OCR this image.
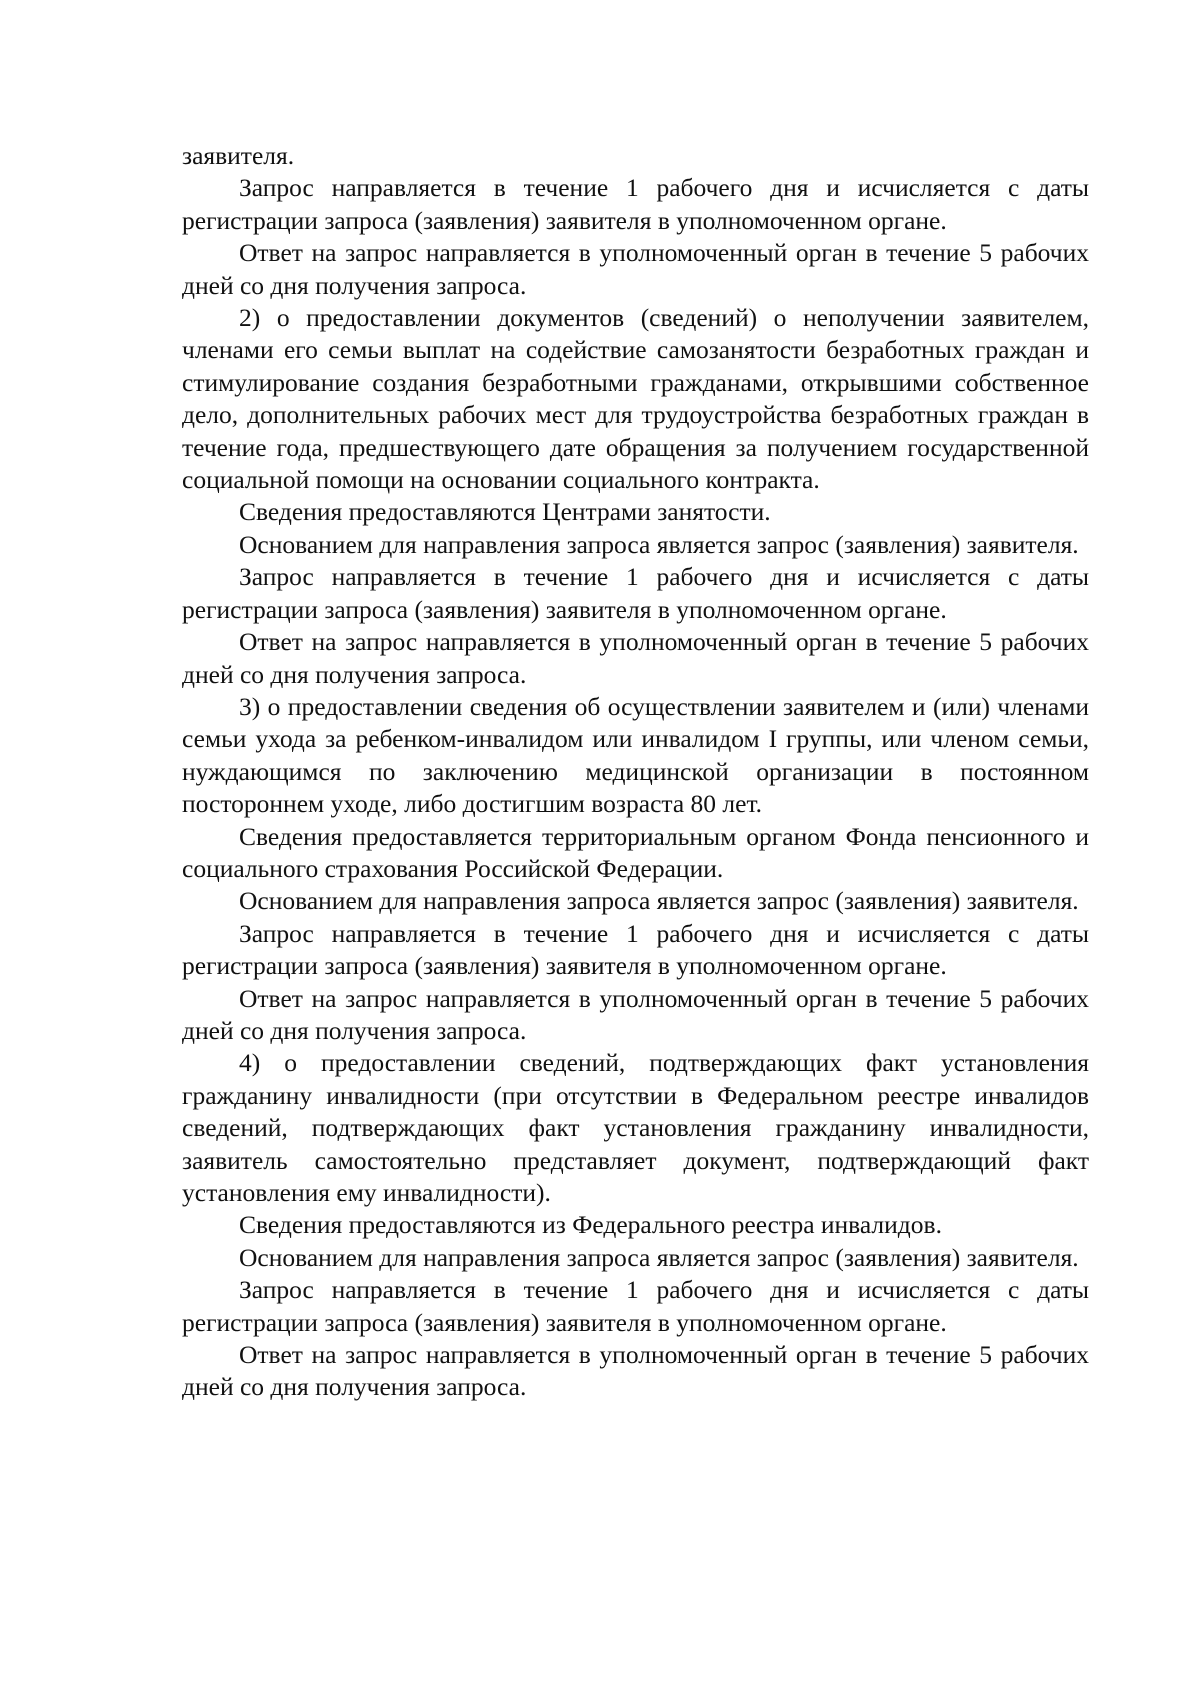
заявителя.

Запрос направляется в течение 1 рабочего дня и исчисляется с даты регистрации запроса (заявления) заявителя в уполномоченном органе.

Ответ на запрос направляется в уполномоченный орган в течение 5 рабочих дней со дня получения запроса.

2) о предоставлении документов (сведений) о неполучении заявителем, членами его семьи выплат на содействие самозанятости безработных граждан и стимулирование создания безработными гражданами, открывшими собственное дело, дополнительных рабочих мест для трудоустройства безработных граждан в течение года, предшествующего дате обращения за получением государственной социальной помощи на основании социального контракта.

Сведения предоставляются Центрами занятости.

Основанием для направления запроса является запрос (заявления) заявителя.

Запрос направляется в течение 1 рабочего дня и исчисляется с даты регистрации запроса (заявления) заявителя в уполномоченном органе.

Ответ на запрос направляется в уполномоченный орган в течение 5 рабочих дней со дня получения запроса.

3) о предоставлении сведения об осуществлении заявителем и (или) членами семьи ухода за ребенком-инвалидом или инвалидом I группы, или членом семьи, нуждающимся по заключению медицинской организации в постоянном постороннем уходе, либо достигшим возраста 80 лет.

Сведения предоставляется территориальным органом Фонда пенсионного и социального страхования Российской Федерации.

Основанием для направления запроса является запрос (заявления) заявителя.

Запрос направляется в течение 1 рабочего дня и исчисляется с даты регистрации запроса (заявления) заявителя в уполномоченном органе.

Ответ на запрос направляется в уполномоченный орган в течение 5 рабочих дней со дня получения запроса.

4) о предоставлении сведений, подтверждающих факт установления гражданину инвалидности (при отсутствии в Федеральном реестре инвалидов сведений, подтверждающих факт установления гражданину инвалидности, заявитель самостоятельно представляет документ, подтверждающий факт установления ему инвалидности).

Сведения предоставляются из Федерального реестра инвалидов.

Основанием для направления запроса является запрос (заявления) заявителя.

Запрос направляется в течение 1 рабочего дня и исчисляется с даты регистрации запроса (заявления) заявителя в уполномоченном органе.

Ответ на запрос направляется в уполномоченный орган в течение 5 рабочих дней со дня получения запроса.
